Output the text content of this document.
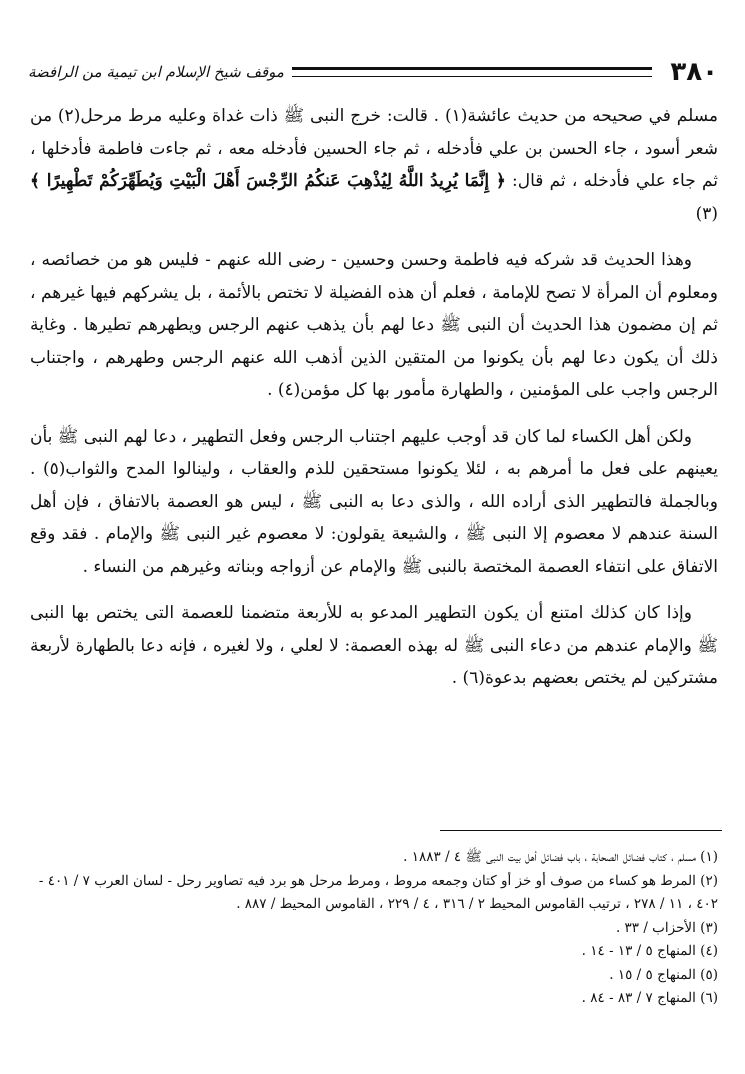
٣٨٠
موقف شيخ الإسلام ابن تيمية من الرافضة

مسلم في صحيحه من حديث عائشة(١) . قالت: خرج النبى ﷺ ذات غداة وعليه مرط مرحل(٢) من شعر أسود ، جاء الحسن بن علي فأدخله ، ثم جاء الحسين فأدخله معه ، ثم جاءت فاطمة فأدخلها ، ثم جاء علي فأدخله ، ثم قال: ﴿ إِنَّمَا يُرِيدُ اللَّهُ لِيُذْهِبَ عَنكُمُ الرِّجْسَ أَهْلَ الْبَيْتِ وَيُطَهِّرَكُمْ تَطْهِيرًا ﴾ (٣)

وهذا الحديث قد شركه فيه فاطمة وحسن وحسين - رضى الله عنهم - فليس هو من خصائصه ، ومعلوم أن المرأة لا تصح للإمامة ، فعلم أن هذه الفضيلة لا تختص بالأئمة ، بل يشركهم فيها غيرهم ، ثم إن مضمون هذا الحديث أن النبى ﷺ دعا لهم بأن يذهب عنهم الرجس ويطهرهم تطيرها . وغاية ذلك أن يكون دعا لهم بأن يكونوا من المتقين الذين أذهب الله عنهم الرجس وطهرهم ، واجتناب الرجس واجب على المؤمنين ، والطهارة مأمور بها كل مؤمن(٤) .

ولكن أهل الكساء لما كان قد أوجب عليهم اجتناب الرجس وفعل التطهير ، دعا لهم النبى ﷺ بأن يعينهم على فعل ما أمرهم به ، لئلا يكونوا مستحقين للذم والعقاب ، ولينالوا المدح والثواب(٥) . وبالجملة فالتطهير الذى أراده الله ، والذى دعا به النبى ﷺ ، ليس هو العصمة بالاتفاق ، فإن أهل السنة عندهم لا معصوم إلا النبى ﷺ ، والشيعة يقولون: لا معصوم غير النبى ﷺ والإمام . فقد وقع الاتفاق على انتفاء العصمة المختصة بالنبى ﷺ والإمام عن أزواجه وبناته وغيرهم من النساء .

وإذا كان كذلك امتنع أن يكون التطهير المدعو به للأربعة متضمنا للعصمة التى يختص بها النبى ﷺ والإمام عندهم من دعاء النبى ﷺ له بهذه العصمة: لا لعلي ، ولا لغيره ، فإنه دعا بالطهارة لأربعة مشتركين لم يختص بعضهم بدعوة(٦) .

(١) مسلم ، كتاب فضائل الصحابة ، باب فضائل أهل بيت النبى ﷺ ٤ / ١٨٨٣ .
(٢) المرط هو كساء من صوف أو خز أو كتان وجمعه مروط ، ومرط مرحل هو برد فيه تصاوير رحل - لسان العرب ٧ / ٤٠١ - ٤٠٢ ، ١١ / ٢٧٨ ، ترتيب القاموس المحيط ٢ / ٣١٦ ، ٤ / ٢٢٩ ، القاموس المحيط / ٨٨٧ .
(٣) الأحزاب / ٣٣ .
(٤) المنهاج ٥ / ١٣ - ١٤ .
(٥) المنهاج ٥ / ١٥ .
(٦) المنهاج ٧ / ٨٣ - ٨٤ .
